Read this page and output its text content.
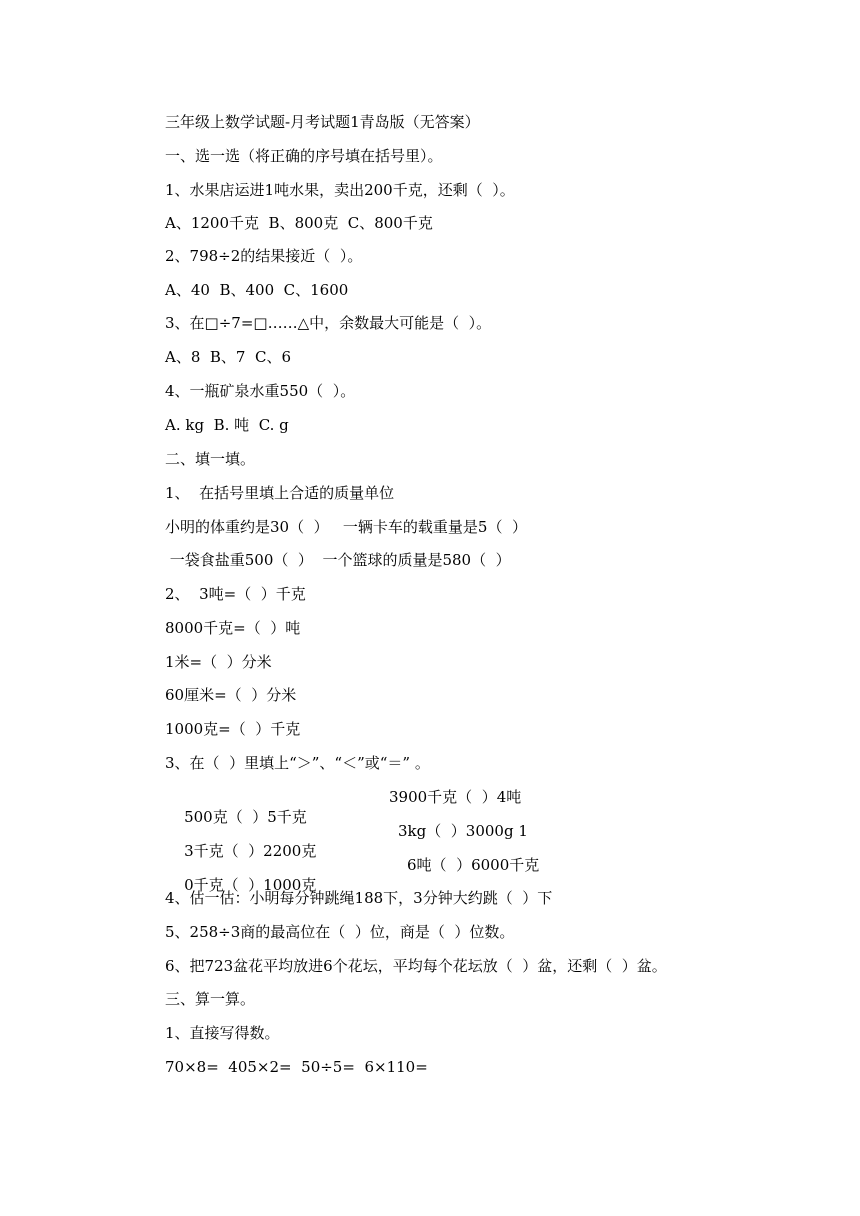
三年级上数学试题-月考试题1青岛版（无答案）
一、选一选（将正确的序号填在括号里）。
1、水果店运进1吨水果，卖出200千克，还剩（  ）。
A、1200千克  B、800克  C、800千克
2、798÷2的结果接近（  ）。
A、40  B、400  C、1600
3、在□÷7=□……△中，余数最大可能是（  ）。
A、8  B、7  C、6
4、一瓶矿泉水重550（  ）。
A. kg  B. 吨  C. g
二、填一填。
1、  在括号里填上合适的质量单位
小明的体重约是30（  ）   一辆卡车的载重量是5（  ）
一袋食盐重500（  ）  一个篮球的质量是580（  ）
2、  3吨=（  ）千克
8000千克=（  ）吨
1米=（  ）分米
60厘米=（  ）分米
1000克=（  ）千克
3、在（  ）里填上“＞”、“＜”或“＝” 。

500克（  ）5千克

3900千克（  ）4吨

3千克（  ）2200克

3kg（  ）3000g 1

0千克（  ）1000克

6吨（  ）6000千克

4、估一估：小明每分钟跳绳188下，3分钟大约跳（  ）下
5、258÷3商的最高位在（  ）位，商是（  ）位数。
6、把723盆花平均放进6个花坛，平均每个花坛放（  ）盆，还剩（  ）盆。
三、算一算。
1、直接写得数。
70×8=  405×2=  50÷5=  6×110=
